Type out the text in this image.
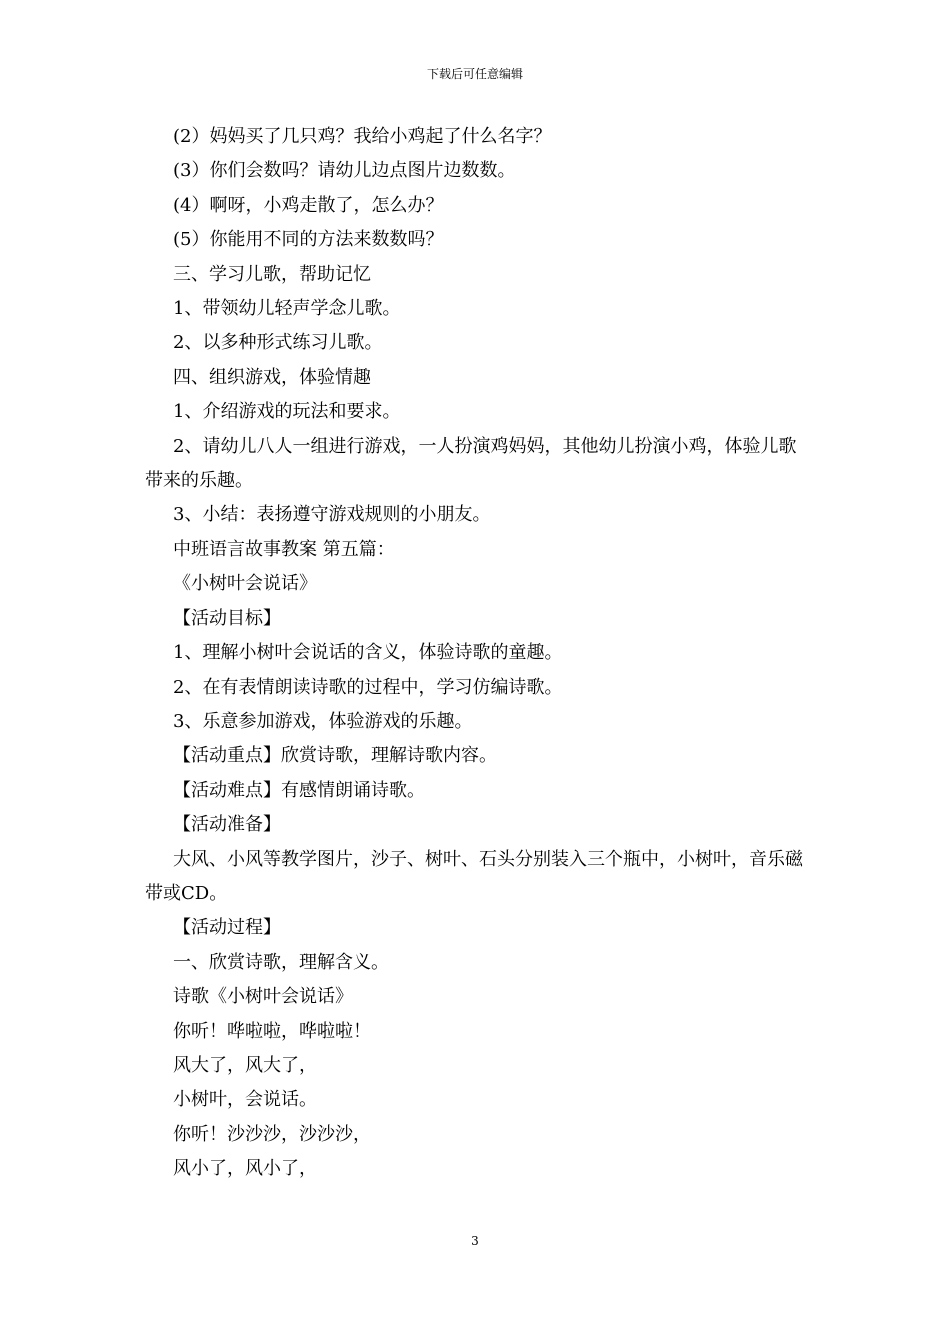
下载后可任意编辑

(2）妈妈买了几只鸡？我给小鸡起了什么名字？

(3）你们会数吗？请幼儿边点图片边数数。

(4）啊呀，小鸡走散了，怎么办？

(5）你能用不同的方法来数数吗？

三、学习儿歌，帮助记忆

1、带领幼儿轻声学念儿歌。

2、以多种形式练习儿歌。

四、组织游戏，体验情趣

1、介绍游戏的玩法和要求。

2、请幼儿八人一组进行游戏，一人扮演鸡妈妈，其他幼儿扮演小鸡，体验儿歌带来的乐趣。

3、小结：表扬遵守游戏规则的小朋友。

中班语言故事教案 第五篇：

《小树叶会说话》

【活动目标】

1、理解小树叶会说话的含义，体验诗歌的童趣。

2、在有表情朗读诗歌的过程中，学习仿编诗歌。

3、乐意参加游戏，体验游戏的乐趣。

【活动重点】欣赏诗歌，理解诗歌内容。

【活动难点】有感情朗诵诗歌。

【活动准备】

大风、小风等教学图片，沙子、树叶、石头分别装入三个瓶中，小树叶，音乐磁带或CD。

【活动过程】

一、欣赏诗歌，理解含义。

诗歌《小树叶会说话》

你听！哗啦啦，哗啦啦！

风大了，风大了，

小树叶，会说话。

你听！沙沙沙，沙沙沙，

风小了，风小了，

3
